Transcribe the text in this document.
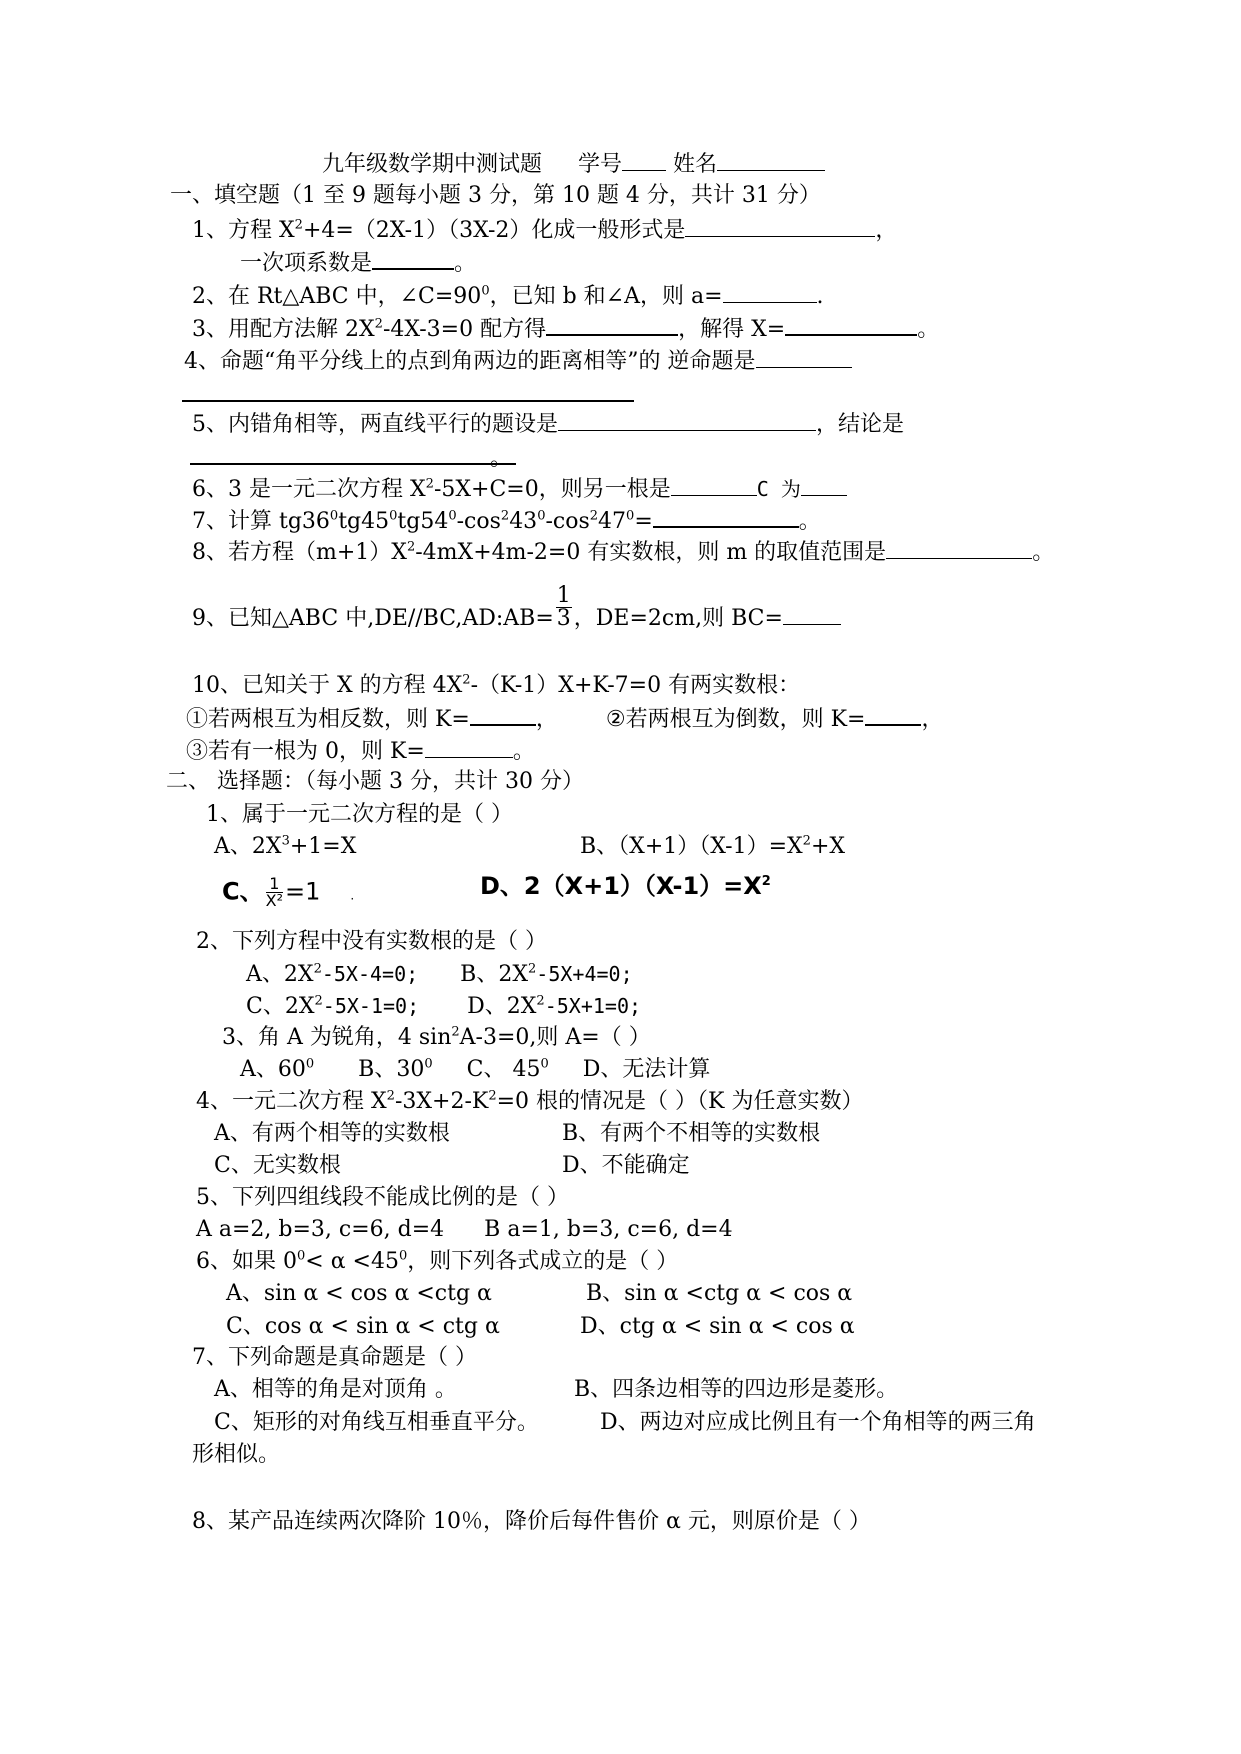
九年级数学期中测试题 学号 姓名
一、填空题（1 至 9 题每小题 3 分，第 10 题 4 分，共计 31 分）
1、方程 $X^2+4=(2X-1)(3X-2)$化成一般形式是	，
一次项系数是	。
2、在 Rt△ABC 中，$\angle C=90^0$，已知 b 和∠A，则 a=	.
3、用配方法解 $2X^2-4X-3=0$ 配方得	，解得 X=	。
4、命题“角平分线上的点到角两边的距离相等”的 逆命题是
5、内错角相等，两直线平行的题设是	，结论是
。
6、3 是一元二次方程 $X^2-5X+C=0$，则另一根是	C 为
7、计算 $tg36^0tg45^0tg54^0-\cos^243^0-\cos^247^0=$	。
8、若方程$(m+1)X^2-4mX+4m-2=0$ 有实数根，则 m 的取值范围是	。
9、已知△ABC 中,DE//BC,AD:AB= $\frac{1}{3}$ ，DE=2cm,则 BC=
10、已知关于 X 的方程 $4X^2-(K-1)X+K-7=0$ 有两实数根：
①若两根互为相反数，则 K=	， ②若两根互为倒数，则 K=	，
③若有一根为 0，则 K=	。
二、 选择题：（每小题 3 分，共计 30 分）
1、属于一元二次方程的是（ ）
A、$2X^3+1=X$	B、$(X+1)(X-1)=X^2+X$
C、 $\frac{1}{\text{X²}} =1$	.	D、$2(X+1)(X-1)=X^2$
2、下列方程中没有实数根的是（ ）
A、$2X^2-5X-4=0$; B、$2X^2-5X+4=0$;
C、$2X^2-5X-1=0$; D、$2X^2-5X+1=0$;
3、角 A 为锐角，4 $\sin^2A-3=0$,则 A=（ ）
A、$60^0$ B、$30^0$ C、 $45^0$ D、无法计算
4、一元二次方程 $X^2-3X+2-K^2=0$ 根的情况是（ ）（K 为任意实数）
A、有两个相等的实数根	B、有两个不相等的实数根
C、无实数根	D、不能确定
5、下列四组线段不能成比例的是（ ）
A a=2, b=3, c=6, d=4 B a=1, b=3, c=6, d=4
6、如果 $0^0< \alpha <45^0$，则下列各式成立的是（ ）
A、sin α < cos α <ctg α	B、sin α <ctg α < cos α
C、cos α < sin α < ctg α	D、ctg α < sin α < cos α
7、下列命题是真命题是（ ）
A、相等的角是对顶角 。	B、四条边相等的四边形是菱形。
C、矩形的对角线互相垂直平分。	D、两边对应成比例且有一个角相等的两三角
形相似。
8、某产品连续两次降阶 10％，降价后每件售价 α 元，则原价是（ ）
